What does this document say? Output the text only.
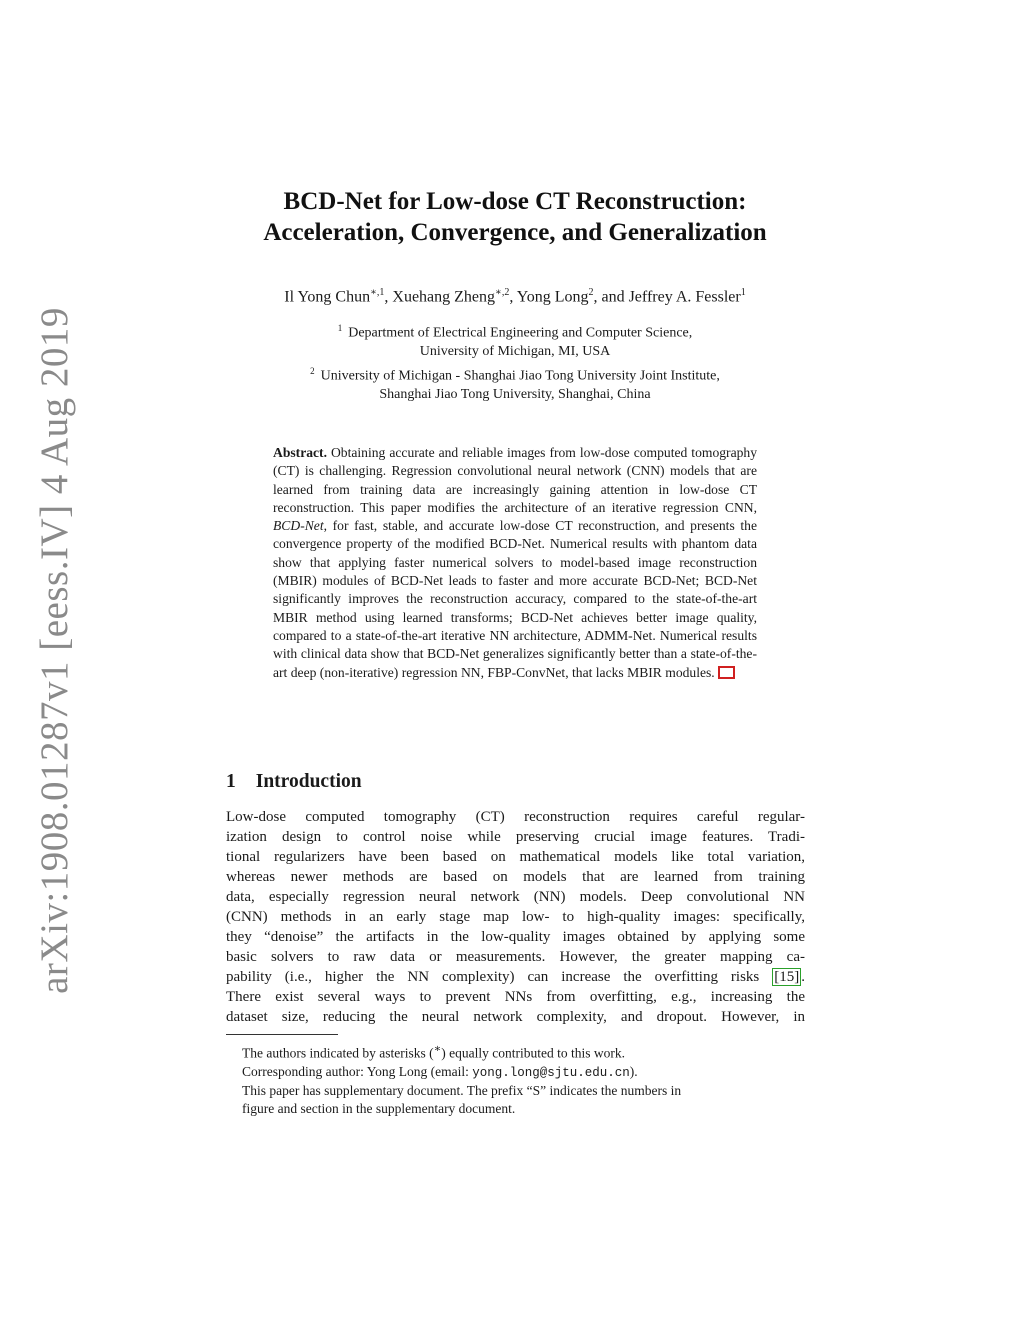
arXiv:1908.01287v1 [eess.IV] 4 Aug 2019
BCD-Net for Low-dose CT Reconstruction:
Acceleration, Convergence, and Generalization
Il Yong Chun$^{∗,1}$, Xuehang Zheng$^{∗,2}$, Yong Long$^2$, and Jeffrey A. Fessler$^1$
$^1$ Department of Electrical Engineering and Computer Science,
University of Michigan, MI, USA
$^2$ University of Michigan - Shanghai Jiao Tong University Joint Institute,
Shanghai Jiao Tong University, Shanghai, China
Abstract. Obtaining accurate and reliable images from low-dose computed tomography (CT) is challenging. Regression convolutional neural network (CNN) models that are learned from training data are increasingly gaining attention in low-dose CT reconstruction. This paper modifies the architecture of an iterative regression CNN, BCD-Net, for fast, stable, and accurate low-dose CT reconstruction, and presents the convergence property of the modified BCD-Net. Numerical results with phantom data show that applying faster numerical solvers to model-based image reconstruction (MBIR) modules of BCD-Net leads to faster and more accurate BCD-Net; BCD-Net significantly improves the reconstruction accuracy, compared to the state-of-the-art MBIR method using learned transforms; BCD-Net achieves better image quality, compared to a state-of-the-art iterative NN architecture, ADMM-Net. Numerical results with clinical data show that BCD-Net generalizes significantly better than a state-of-the-art deep (non-iterative) regression NN, FBP-ConvNet, that lacks MBIR modules.
1 Introduction
Low-dose computed tomography (CT) reconstruction requires careful regular-
ization design to control noise while preserving crucial image features. Tradi-
tional regularizers have been based on mathematical models like total variation,
whereas newer methods are based on models that are learned from training
data, especially regression neural network (NN) models. Deep convolutional NN
(CNN) methods in an early stage map low- to high-quality images: specifically,
they “denoise” the artifacts in the low-quality images obtained by applying some
basic solvers to raw data or measurements. However, the greater mapping ca-
pability (i.e., higher the NN complexity) can increase the overfitting risks [15] .
There exist several ways to prevent NNs from overfitting, e.g., increasing the
dataset size, reducing the neural network complexity, and dropout. However, in
The authors indicated by asterisks (∗) equally contributed to this work.
Corresponding author: Yong Long (email: yong.long@sjtu.edu.cn).
This paper has supplementary document. The prefix “S” indicates the numbers in
figure and section in the supplementary document.
